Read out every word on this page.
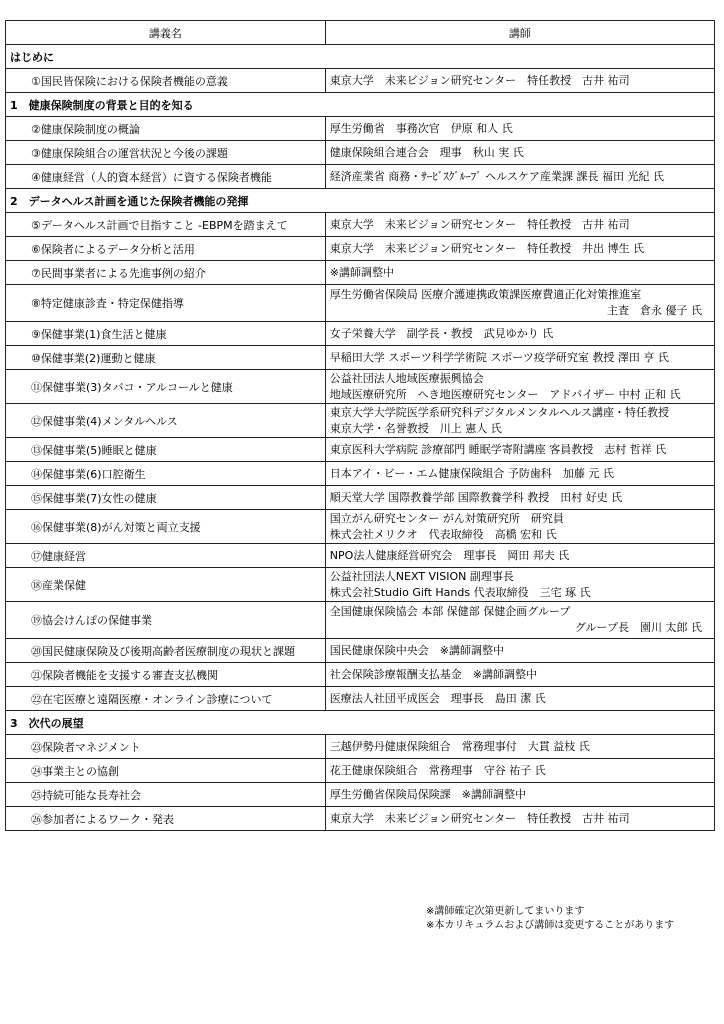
講義名	講師
はじめに	
①国民皆保険における保険者機能の意義	東京大学　未来ビジョン研究センター　特任教授　古井 祐司

1　健康保険制度の背景と目的を知る	
②健康保険制度の概論	厚生労働省　事務次官　伊原 和人 氏

③健康保険組合の運営状況と今後の課題	健康保険組合連合会　理事　秋山 実 氏

④健康経営（人的資本経営）に資する保険者機能	経済産業省 商務・ｻｰﾋﾞｽｸﾞﾙｰﾌﾟ ヘルスケア産業課 課長 福田 光紀 氏

2　データヘルス計画を通じた保険者機能の発揮	
⑤データヘルス計画で目指すこと -EBPMを踏まえて	東京大学　未来ビジョン研究センター　特任教授　古井 祐司

⑥保険者によるデータ分析と活用	東京大学　未来ビジョン研究センター　特任教授　井出 博生 氏

⑦民間事業者による先進事例の紹介	※講師調整中

⑧特定健康診査・特定保健指導	厚生労働省保険局 医療介護連携政策課医療費適正化対策推進室
主査　倉永 優子 氏

⑨保健事業(1)食生活と健康	女子栄養大学　副学長・教授　武見ゆかり 氏

⑩保健事業(2)運動と健康	早稲田大学 スポーツ科学学術院 スポーツ疫学研究室 教授 澤田 亨 氏

⑪保健事業(3)タバコ・アルコールと健康	公益社団法人地域医療振興協会
地域医療研究所　へき地医療研究センター　アドバイザー 中村 正和 氏

⑫保健事業(4)メンタルヘルス	東京大学大学院医学系研究科デジタルメンタルヘルス講座・特任教授
東京大学・名誉教授　川上 憲人 氏

⑬保健事業(5)睡眠と健康	東京医科大学病院 診療部門 睡眠学寄附講座 客員教授　志村 哲祥 氏

⑭保健事業(6)口腔衛生	日本アイ・ビー・エム健康保険組合 予防歯科　加藤 元 氏

⑮保健事業(7)女性の健康	順天堂大学 国際教養学部 国際教養学科 教授　田村 好史 氏

⑯保健事業(8)がん対策と両立支援	国立がん研究センター がん対策研究所　研究員
株式会社メリクオ　代表取締役　高橋 宏和 氏

⑰健康経営	NPO法人健康経営研究会　理事長　岡田 邦夫 氏

⑱産業保健	公益社団法人NEXT VISION 副理事長
株式会社Studio Gift Hands 代表取締役　三宅 琢 氏

⑲協会けんぽの保健事業	全国健康保険協会 本部 保健部 保健企画グループ
グループ長　園川 太郎 氏

⑳国民健康保険及び後期高齢者医療制度の現状と課題	国民健康保険中央会　※講師調整中

㉑保険者機能を支援する審査支払機関	社会保険診療報酬支払基金　※講師調整中

㉒在宅医療と遠隔医療・オンライン診療について	医療法人社団平成医会　理事長　島田 潔 氏

3　次代の展望	
㉓保険者マネジメント	三越伊勢丹健康保険組合　常務理事付　大貫 益枝 氏

㉔事業主との協創	花王健康保険組合　常務理事　守谷 祐子 氏

㉕持続可能な長寿社会	厚生労働省保険局保険課　※講師調整中

㉖参加者によるワーク・発表	東京大学　未来ビジョン研究センター　特任教授　古井 祐司
※講師確定次第更新してまいります
※本カリキュラムおよび講師は変更することがあります
